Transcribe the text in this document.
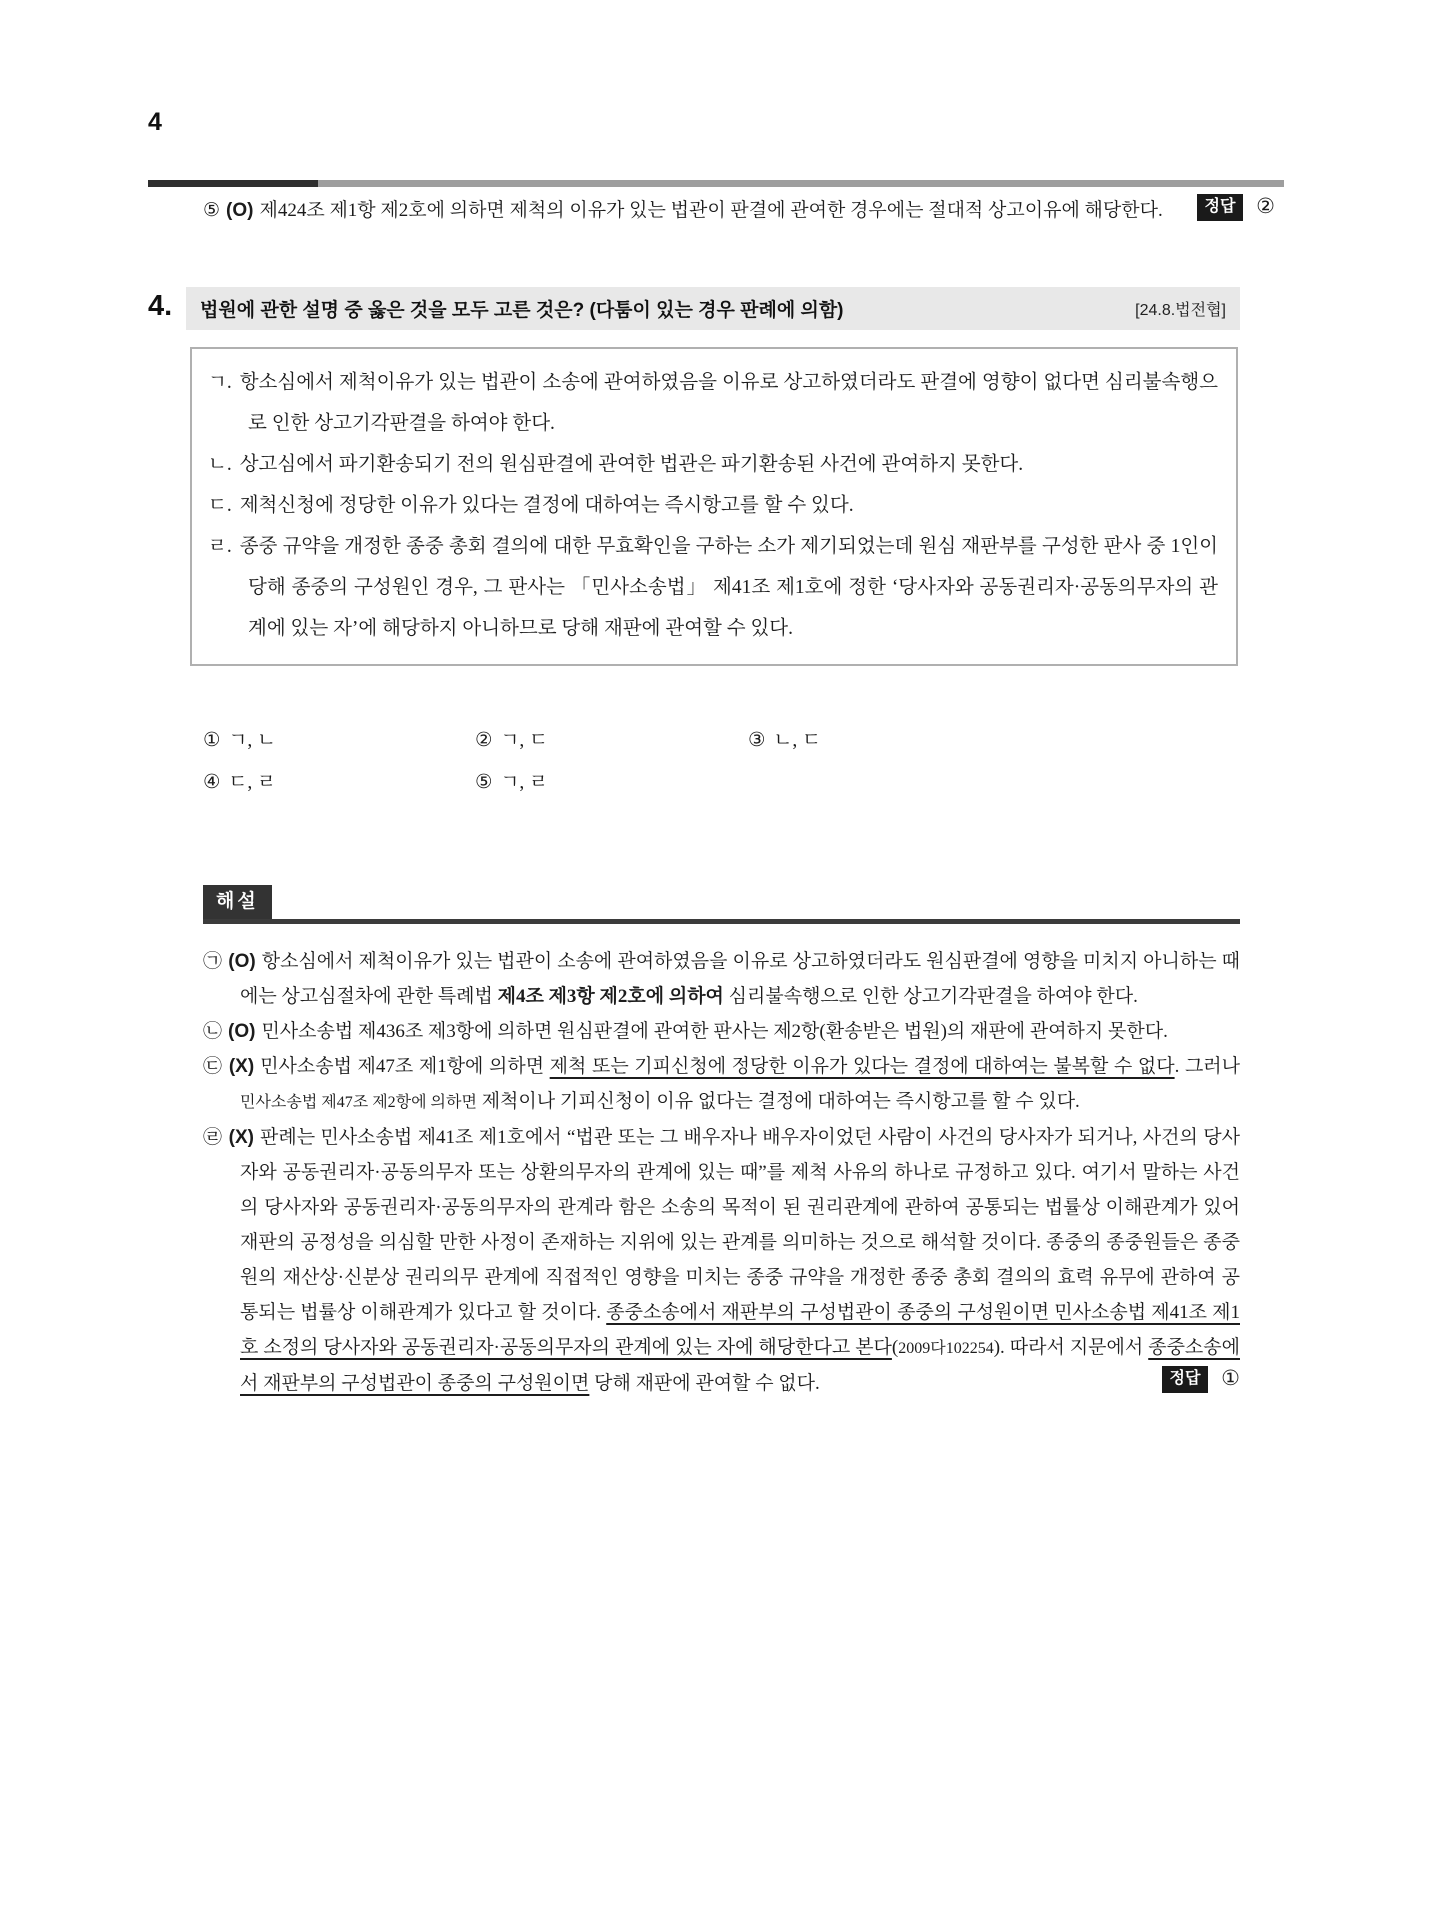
4
⑤ (O) 제424조 제1항 제2호에 의하면 제척의 이유가 있는 법관이 판결에 관여한 경우에는 절대적 상고이유에 해당한다.	정답 ②
4. 법원에 관한 설명 중 옳은 것을 모두 고른 것은? (다툼이 있는 경우 판례에 의함)	[24.8.법전협]
ㄱ. 항소심에서 제척이유가 있는 법관이 소송에 관여하였음을 이유로 상고하였더라도 판결에 영향이 없다면 심리불속행으로 인한 상고기각판결을 하여야 한다.
ㄴ. 상고심에서 파기환송되기 전의 원심판결에 관여한 법관은 파기환송된 사건에 관여하지 못한다.
ㄷ. 제척신청에 정당한 이유가 있다는 결정에 대하여는 즉시항고를 할 수 있다.
ㄹ. 종중 규약을 개정한 종중 총회 결의에 대한 무효확인을 구하는 소가 제기되었는데 원심 재판부를 구성한 판사 중 1인이 당해 종중의 구성원인 경우, 그 판사는 「민사소송법」 제41조 제1호에 정한 ‘당사자와 공동권리자·공동의무자의 관계에 있는 자’에 해당하지 아니하므로 당해 재판에 관여할 수 있다.
① ㄱ, ㄴ	② ㄱ, ㄷ	③ ㄴ, ㄷ
④ ㄷ, ㄹ	⑤ ㄱ, ㄹ
해설
㉠ (O) 항소심에서 제척이유가 있는 법관이 소송에 관여하였음을 이유로 상고하였더라도 원심판결에 영향을 미치지 아니하는 때에는 상고심절차에 관한 특례법 제4조 제3항 제2호에 의하여 심리불속행으로 인한 상고기각판결을 하여야 한다.
㉡ (O) 민사소송법 제436조 제3항에 의하면 원심판결에 관여한 판사는 제2항(환송받은 법원)의 재판에 관여하지 못한다.
㉢ (X) 민사소송법 제47조 제1항에 의하면 제척 또는 기피신청에 정당한 이유가 있다는 결정에 대하여는 불복할 수 없다. 그러나 민사소송법 제47조 제2항에 의하면 제척이나 기피신청이 이유 없다는 결정에 대하여는 즉시항고를 할 수 있다.
㉣ (X) 판례는 민사소송법 제41조 제1호에서 “법관 또는 그 배우자나 배우자이었던 사람이 사건의 당사자가 되거나, 사건의 당사자와 공동권리자·공동의무자 또는 상환의무자의 관계에 있는 때”를 제척 사유의 하나로 규정하고 있다. 여기서 말하는 사건의 당사자와 공동권리자·공동의무자의 관계라 함은 소송의 목적이 된 권리관계에 관하여 공통되는 법률상 이해관계가 있어 재판의 공정성을 의심할 만한 사정이 존재하는 지위에 있는 관계를 의미하는 것으로 해석할 것이다. 종중의 종중원들은 종중원의 재산상·신분상 권리의무 관계에 직접적인 영향을 미치는 종중 규약을 개정한 종중 총회 결의의 효력 유무에 관하여 공통되는 법률상 이해관계가 있다고 할 것이다. 종중소송에서 재판부의 구성법관이 종중의 구성원이면 민사소송법 제41조 제1호 소정의 당사자와 공동권리자·공동의무자의 관계에 있는 자에 해당한다고 본다(2009다102254). 따라서 지문에서 종중소송에서 재판부의 구성법관이 종중의 구성원이면 당해 재판에 관여할 수 없다.	정답 ①
